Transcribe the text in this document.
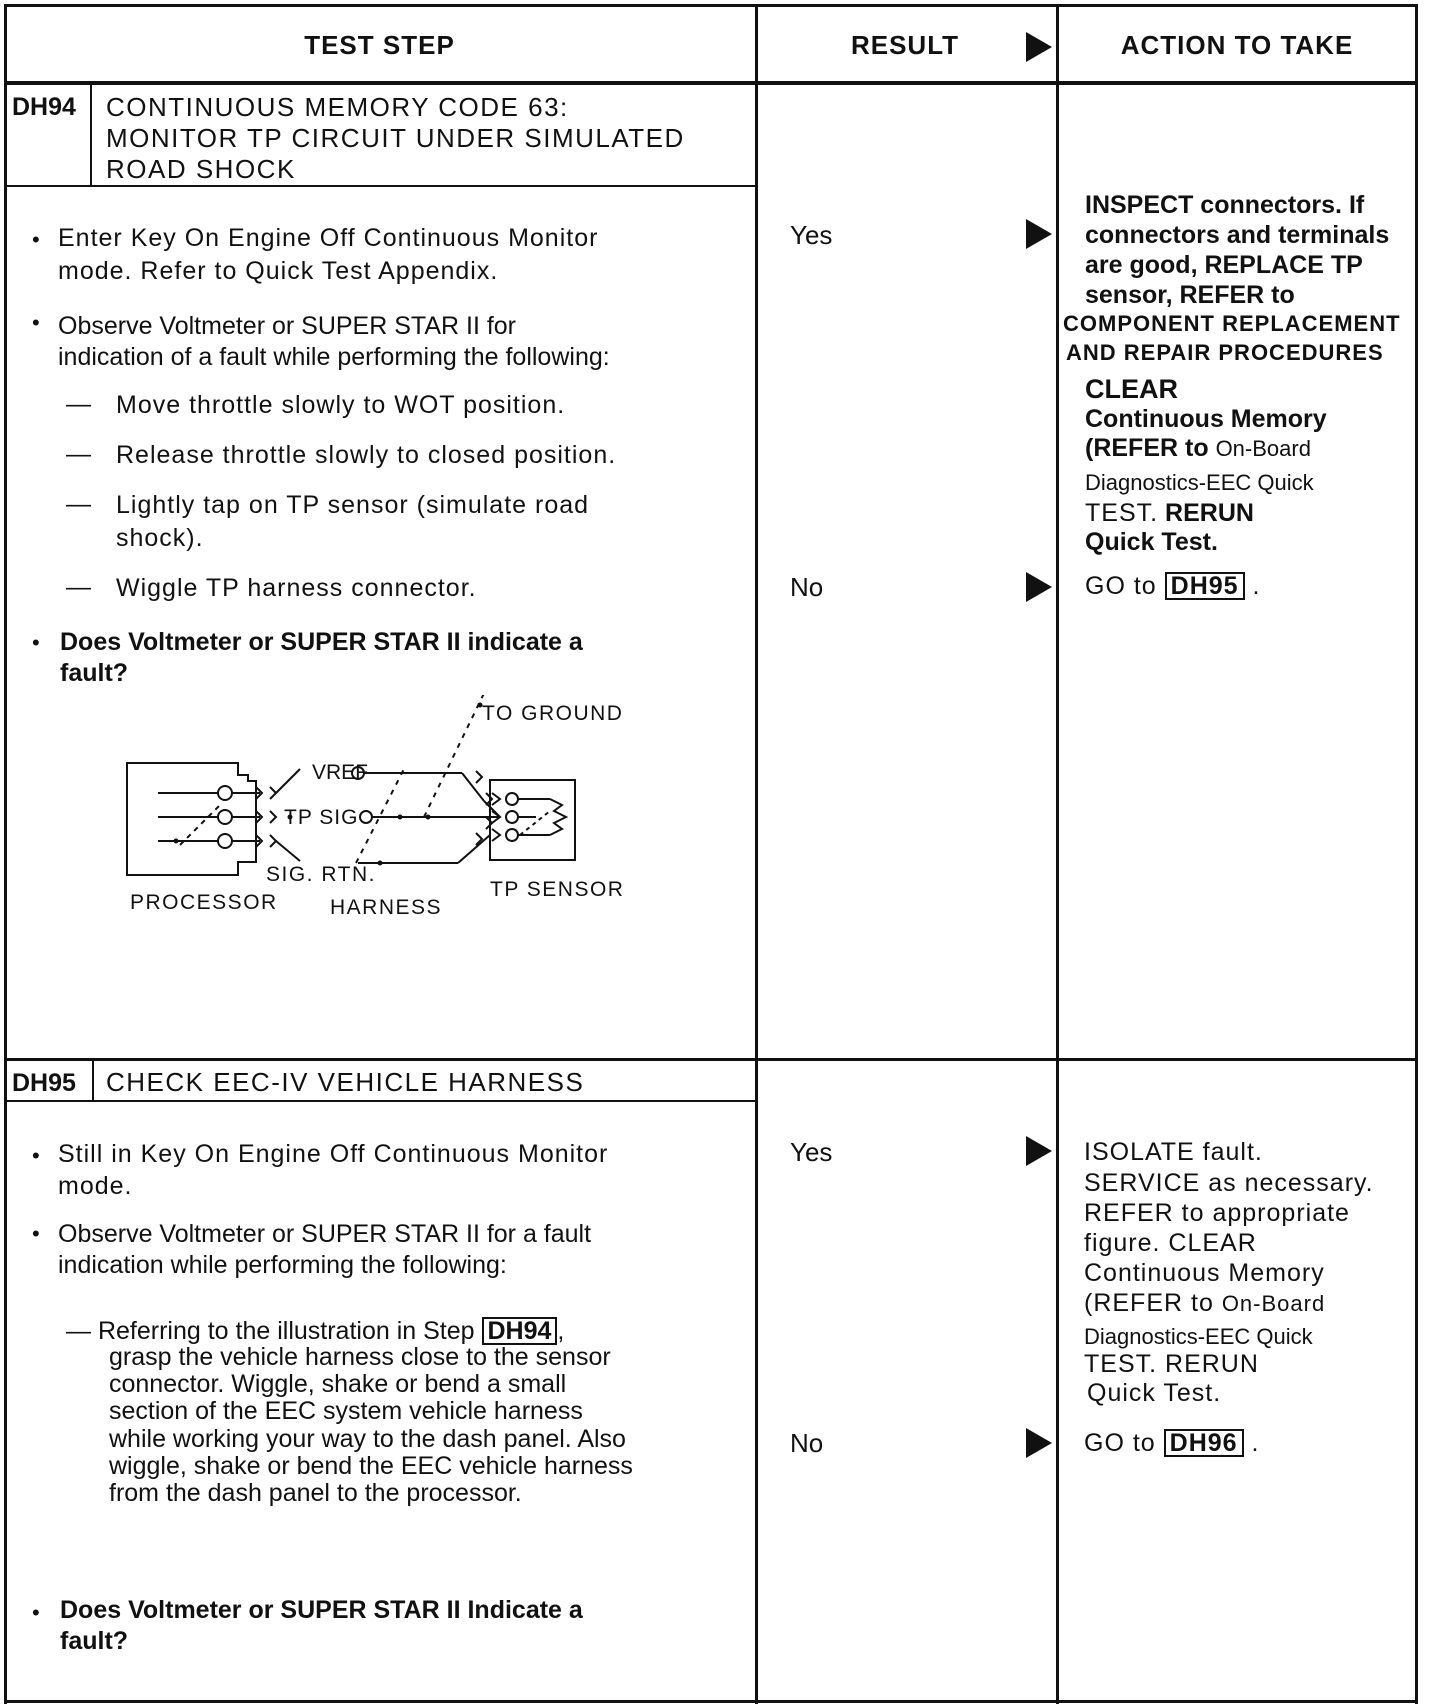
TEST STEP	RESULT	ACTION TO TAKE
DH94 CONTINUOUS MEMORY CODE 63:
MONITOR TP CIRCUIT UNDER SIMULATED
ROAD SHOCK
• Enter Key On Engine Off Continuous Monitor
mode. Refer to Quick Test Appendix.
• Observe Voltmeter or SUPER STAR II for
indication of a fault while performing the following:
— Move throttle slowly to WOT position.
— Release throttle slowly to closed position.
— Lightly tap on TP sensor (simulate road
shock).
— Wiggle TP harness connector.
• Does Voltmeter or SUPER STAR II indicate a
fault?
TO GROUND
VREF
TP SIG
SIG. RTN.
PROCESSOR HARNESS
TP SENSOR
Yes
No
INSPECT connectors. If
connectors and terminals
are good, REPLACE TP
sensor, REFER to
COMPONENT REPLACEMENT
AND REPAIR PROCEDURES
CLEAR
Continuous Memory
(REFER to On-Board
Diagnostics-EEC Quick
TEST. RERUN
Quick Test.
GO to DH95 .
DH95 CHECK EEC-IV VEHICLE HARNESS
• Still in Key On Engine Off Continuous Monitor
mode.
• Observe Voltmeter or SUPER STAR II for a fault
indication while performing the following:
— Referring to the illustration in Step DH94 ,
grasp the vehicle harness close to the sensor
connector. Wiggle, shake or bend a small
section of the EEC system vehicle harness
while working your way to the dash panel. Also
wiggle, shake or bend the EEC vehicle harness
from the dash panel to the processor.
• Does Voltmeter or SUPER STAR II Indicate a
fault?
Yes
No
ISOLATE fault.
SERVICE as necessary.
REFER to appropriate
figure. CLEAR
Continuous Memory
(REFER to On-Board
Diagnostics-EEC Quick
TEST. RERUN
Quick Test.
GO to DH96 .
